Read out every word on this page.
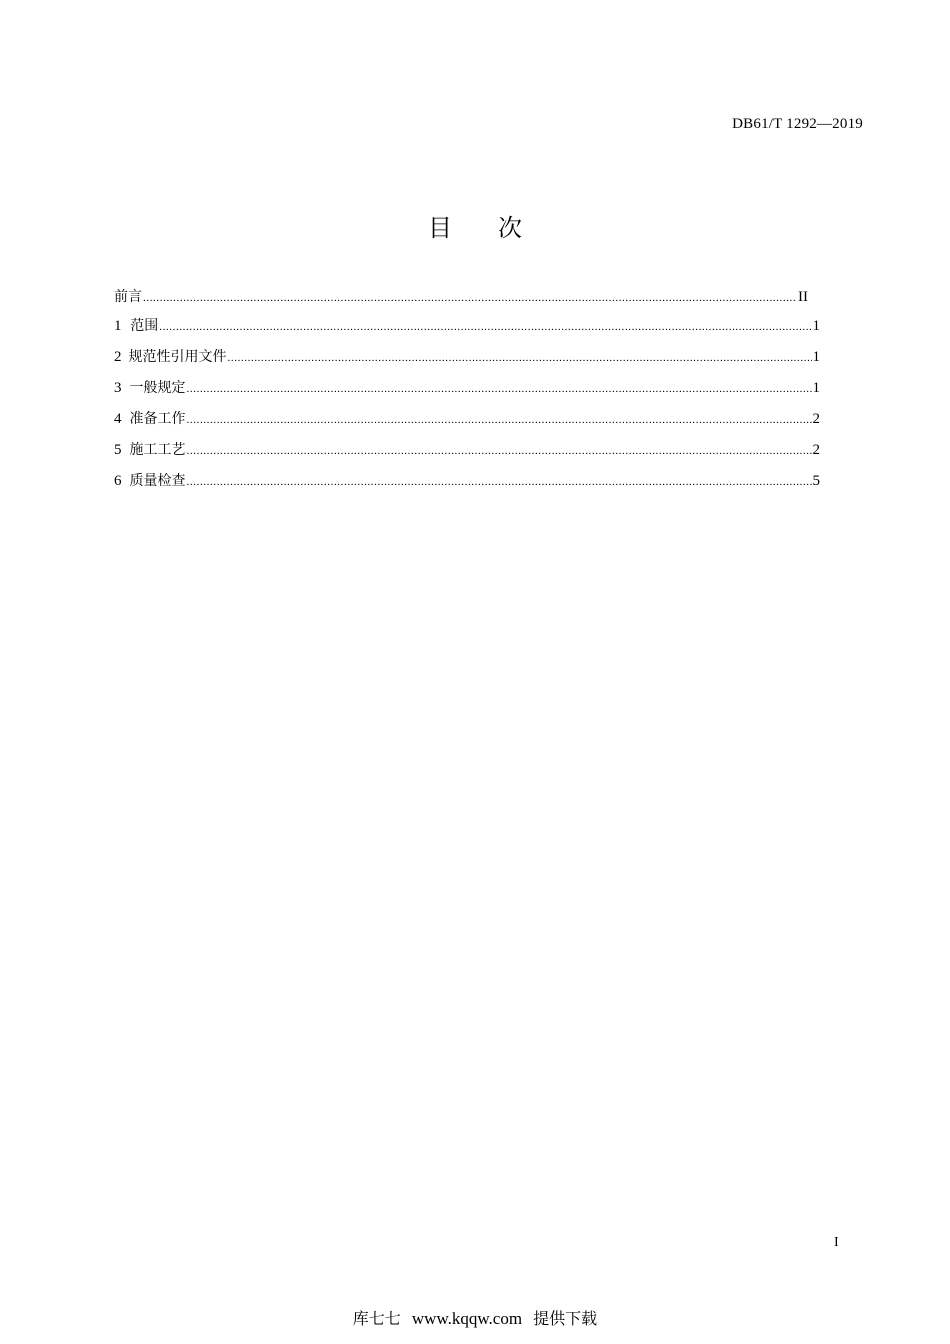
DB61/T 1292—2019
目 次
前言 .....	II
1 范围 .....	1
2 规范性引用文件 .....	1
3 一般规定 .....	1
4 准备工作 .....	2
5 施工工艺 .....	2
6 质量检查 .....	5
I
库七七 www.kqqw.com 提供下载
